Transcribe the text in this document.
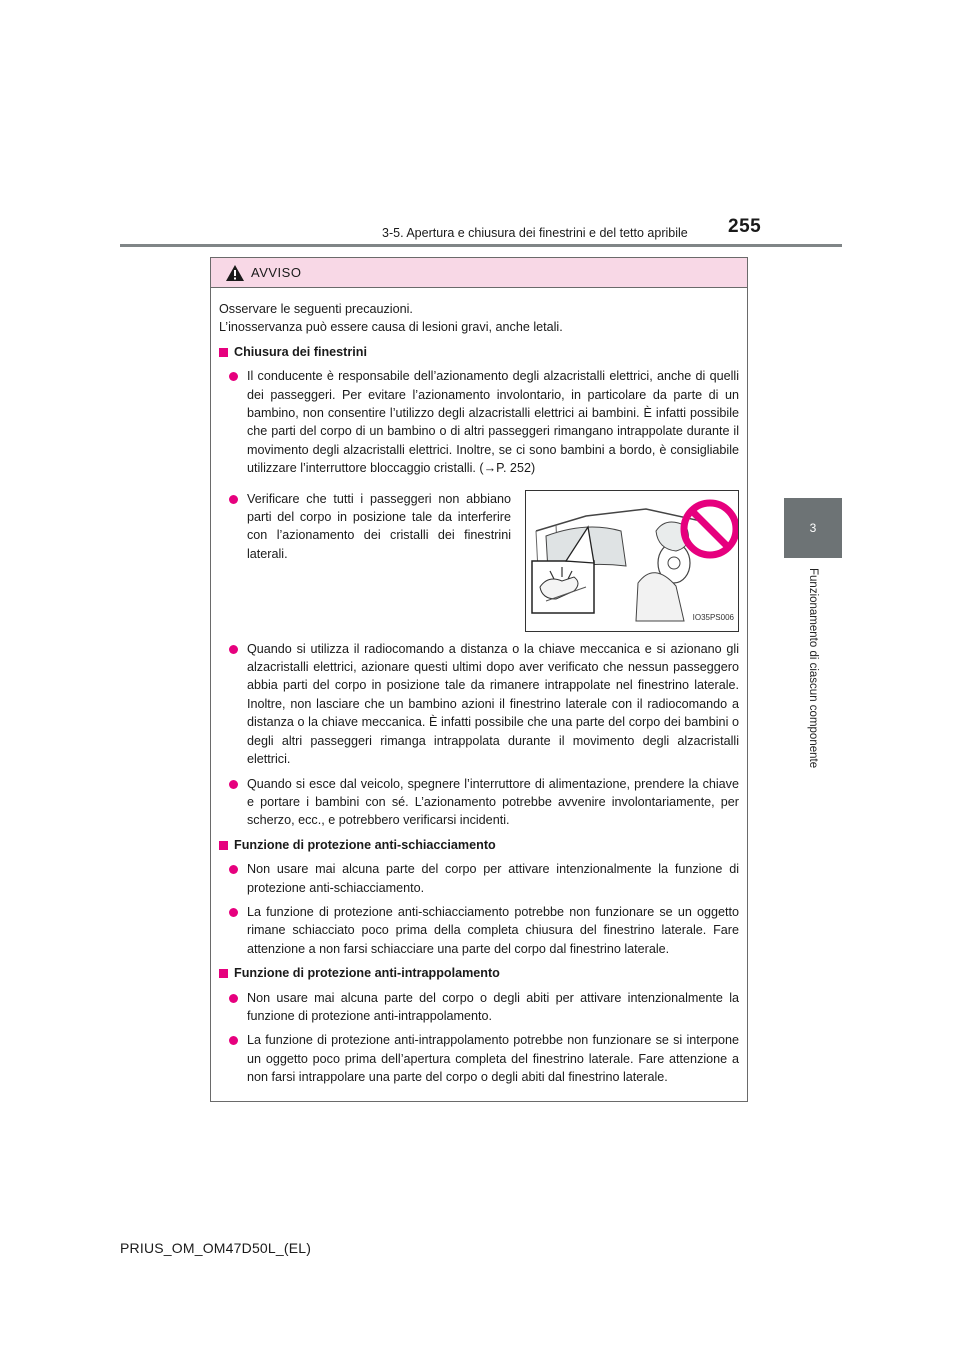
3-5. Apertura e chiusura dei finestrini e del tetto apribile	255
3
Funzionamento di ciascun componente
AVVISO

Osservare le seguenti precauzioni.

L’inosservanza può essere causa di lesioni gravi, anche letali.

Chiusura dei finestrini
Il conducente è responsabile dell’azionamento degli alzacristalli elettrici, anche di quelli dei passeggeri. Per evitare l’azionamento involontario, in particolare da parte di un bambino, non consentire l’utilizzo degli alzacristalli elettrici ai bambini. È infatti possibile che parti del corpo di un bambino o di altri passeggeri rimangano intrappolate durante il movimento degli alzacristalli elettrici. Inoltre, se ci sono bambini a bordo, è consigliabile utilizzare l’interruttore bloccaggio cristalli. (→P. 252)
Verificare che tutti i passeggeri non abbiano parti del corpo in posizione tale da interferire con l’azionamento dei cristalli dei finestrini laterali.
IO35PS006
Quando si utilizza il radiocomando a distanza o la chiave meccanica e si azionano gli alzacristalli elettrici, azionare questi ultimi dopo aver verificato che nessun passeggero abbia parti del corpo in posizione tale da rimanere intrappolate nel finestrino laterale. Inoltre, non lasciare che un bambino azioni il finestrino laterale con il radiocomando a distanza o la chiave meccanica. È infatti possibile che una parte del corpo dei bambini o degli altri passeggeri rimanga intrappolata durante il movimento degli alzacristalli elettrici.
Quando si esce dal veicolo, spegnere l’interruttore di alimentazione, prendere la chiave e portare i bambini con sé. L’azionamento potrebbe avvenire involontariamente, per scherzo, ecc., e potrebbero verificarsi incidenti.
Funzione di protezione anti-schiacciamento
Non usare mai alcuna parte del corpo per attivare intenzionalmente la funzione di protezione anti-schiacciamento.
La funzione di protezione anti-schiacciamento potrebbe non funzionare se un oggetto rimane schiacciato poco prima della completa chiusura del finestrino laterale. Fare attenzione a non farsi schiacciare una parte del corpo dal finestrino laterale.
Funzione di protezione anti-intrappolamento
Non usare mai alcuna parte del corpo o degli abiti per attivare intenzionalmente la funzione di protezione anti-intrappolamento.
La funzione di protezione anti-intrappolamento potrebbe non funzionare se si interpone un oggetto poco prima dell’apertura completa del finestrino laterale. Fare attenzione a non farsi intrappolare una parte del corpo o degli abiti dal finestrino laterale.
PRIUS_OM_OM47D50L_(EL)
